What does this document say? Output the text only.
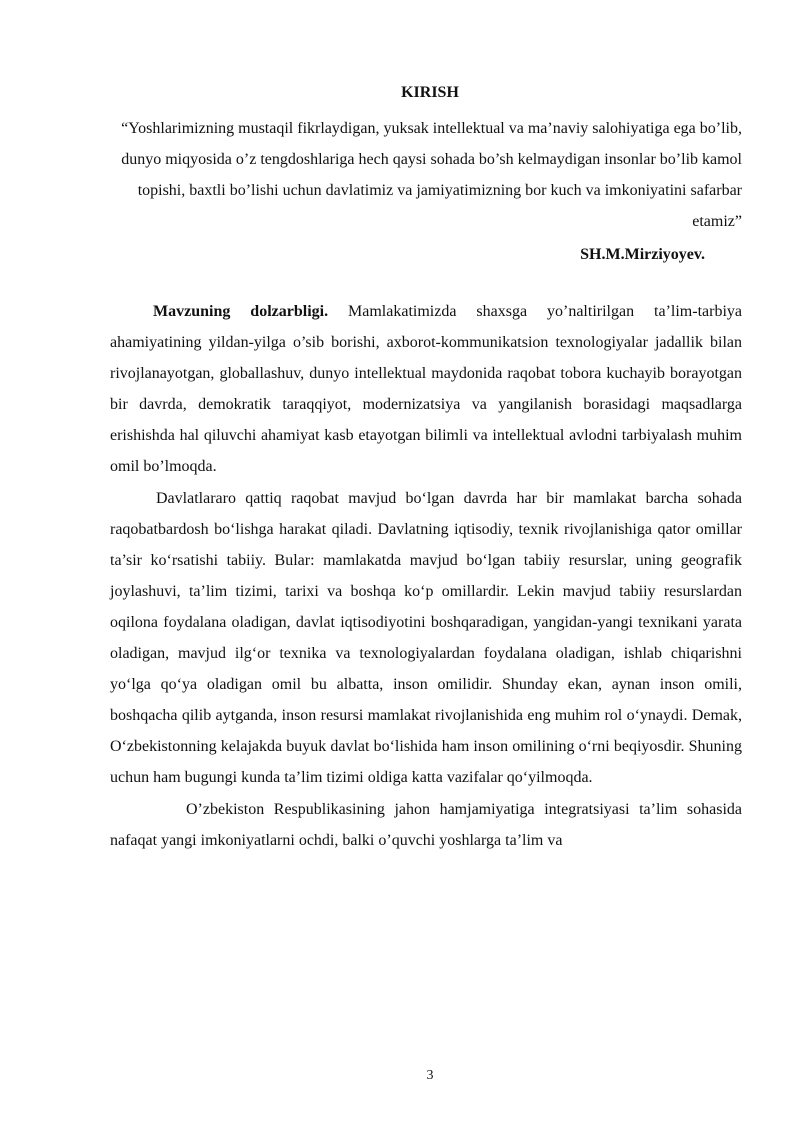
KIRISH

“Yoshlarimizning mustaqil fikrlaydigan, yuksak intellektual va ma’naviy salohiyatiga ega bo’lib, dunyo miqyosida o’z tengdoshlariga hech qaysi sohada bo’sh kelmaydigan insonlar bo’lib kamol topishi, baxtli bo’lishi uchun davlatimiz va jamiyatimizning bor kuch va imkoniyatini safarbar etamiz”

SH.M.Mirziyoyev.

Mavzuning dolzarbligi. Mamlakatimizda shaxsga yo’naltirilgan ta’lim-tarbiya ahamiyatining yildan-yilga o’sib borishi, axborot-kommunikatsion texnologiyalar jadallik bilan rivojlanayotgan, globallashuv, dunyo intellektual maydonida raqobat tobora kuchayib borayotgan bir davrda, demokratik taraqqiyot, modernizatsiya va yangilanish borasidagi maqsadlarga erishishda hal qiluvchi ahamiyat kasb etayotgan bilimli va intellektual avlodni tarbiyalash muhim omil bo’lmoqda.

Davlatlararo qattiq raqobat mavjud bo‘lgan davrda har bir mamlakat barcha sohada raqobatbardosh bo‘lishga harakat qiladi. Davlatning iqtisodiy, texnik rivojlanishiga qator omillar ta’sir ko‘rsatishi tabiiy. Bular: mamlakatda mavjud bo‘lgan tabiiy resurslar, uning geografik joylashuvi, ta’lim tizimi, tarixi va boshqa ko‘p omillardir. Lekin mavjud tabiiy resurslardan oqilona foydalana oladigan, davlat iqtisodiyotini boshqaradigan, yangidan-yangi texnikani yarata oladigan, mavjud ilg‘or texnika va texnologiyalardan foydalana oladigan, ishlab chiqarishni yo‘lga qo‘ya oladigan omil bu albatta, inson omilidir. Shunday ekan, aynan inson omili, boshqacha qilib aytganda, inson resursi mamlakat rivojlanishida eng muhim rol o‘ynaydi. Demak, O‘zbekistonning kelajakda buyuk davlat bo‘lishida ham inson omilining o‘rni beqiyosdir. Shuning uchun ham bugungi kunda ta’lim tizimi oldiga katta vazifalar qo‘yilmoqda.

O’zbekiston Respublikasining jahon hamjamiyatiga integratsiyasi ta’lim sohasida nafaqat yangi imkoniyatlarni ochdi, balki o’quvchi yoshlarga ta’lim va

3
